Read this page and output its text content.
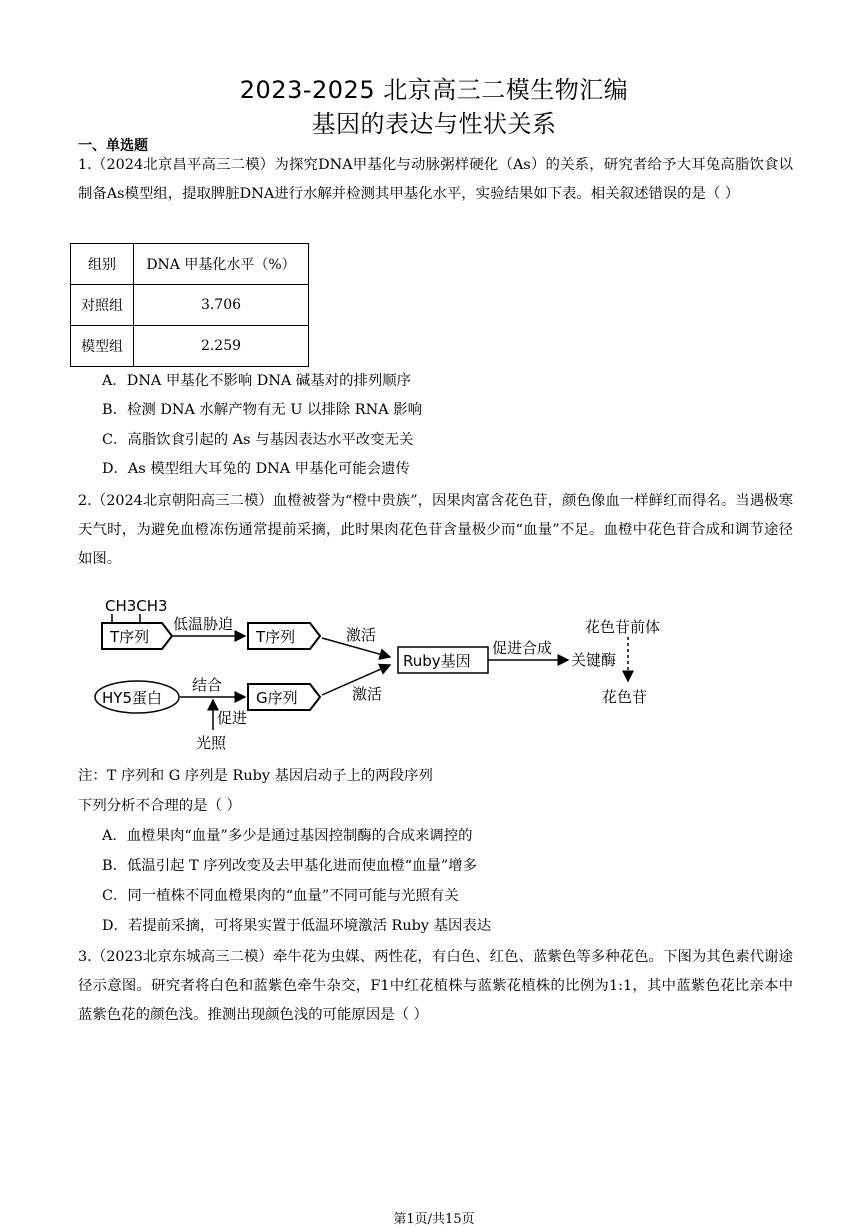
2023-2025 北京高三二模生物汇编
基因的表达与性状关系
一、单选题
1.（2024北京昌平高三二模）为探究DNA甲基化与动脉粥样硬化（As）的关系，研究者给予大耳兔高脂饮食以制备As模型组，提取脾脏DNA进行水解并检测其甲基化水平，实验结果如下表。相关叙述错误的是（ ）
组别	DNA 甲基化水平（%）
对照组	3.706
模型组	2.259
A．DNA 甲基化不影响 DNA 碱基对的排列顺序
B．检测 DNA 水解产物有无 U 以排除 RNA 影响
C．高脂饮食引起的 As 与基因表达水平改变无关
D．As 模型组大耳兔的 DNA 甲基化可能会遗传
2.（2024北京朝阳高三二模）血橙被誉为“橙中贵族”，因果肉富含花色苷，颜色像血一样鲜红而得名。当遇极寒天气时，为避免血橙冻伤通常提前采摘，此时果肉花色苷含量极少而“血量”不足。血橙中花色苷合成和调节途径如图。
CH3CH3
T序列
低温胁迫
T序列	激活
Ruby基因
促进合成
关键酶
花色苷前体
花色苷
HY5蛋白
结合
G序列	激活
促进
光照
注：T 序列和 G 序列是 Ruby 基因启动子上的两段序列
下列分析不合理的是（ ）
A．血橙果肉“血量”多少是通过基因控制酶的合成来调控的
B．低温引起 T 序列改变及去甲基化进而使血橙“血量”增多
C．同一植株不同血橙果肉的“血量”不同可能与光照有关
D．若提前采摘，可将果实置于低温环境激活 Ruby 基因表达
3.（2023北京东城高三二模）牵牛花为虫媒、两性花，有白色、红色、蓝紫色等多种花色。下图为其色素代谢途径示意图。研究者将白色和蓝紫色牵牛杂交，F1中红花植株与蓝紫花植株的比例为1:1，其中蓝紫色花比亲本中蓝紫色花的颜色浅。推测出现颜色浅的可能原因是（ ）
第1页/共15页
